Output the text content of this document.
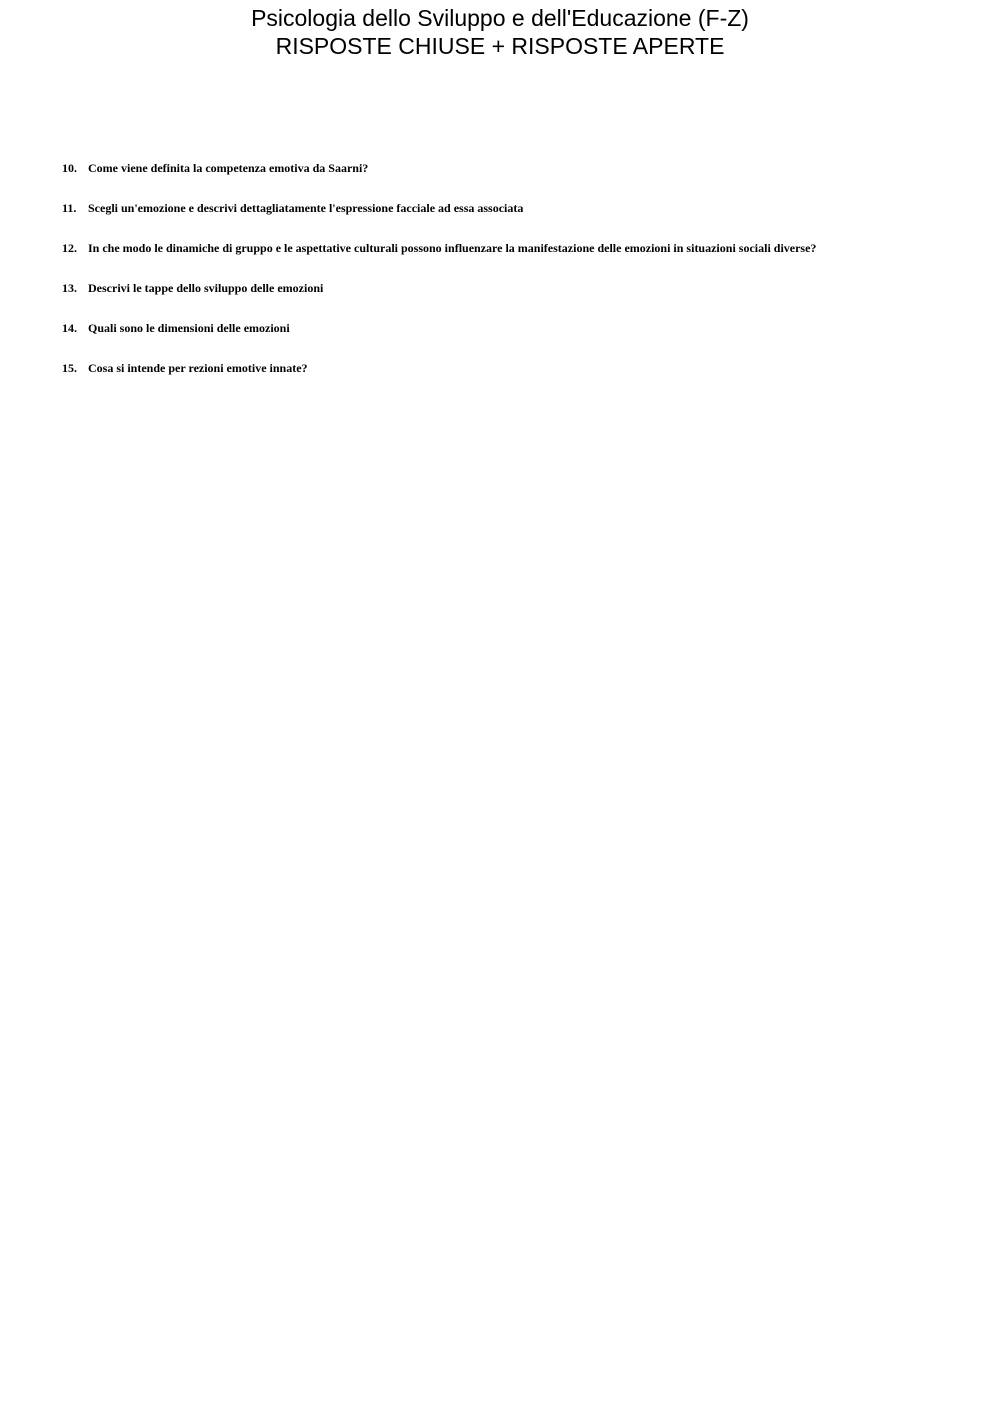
Psicologia dello Sviluppo e dell'Educazione (F-Z)
RISPOSTE CHIUSE + RISPOSTE APERTE
10. Come viene definita la competenza emotiva da Saarni?
11. Scegli un'emozione e descrivi dettagliatamente l'espressione facciale ad essa associata
12. In che modo le dinamiche di gruppo e le aspettative culturali possono influenzare la manifestazione delle emozioni in situazioni sociali diverse?
13. Descrivi le tappe dello sviluppo delle emozioni
14. Quali sono le dimensioni delle emozioni
15. Cosa si intende per rezioni emotive innate?
